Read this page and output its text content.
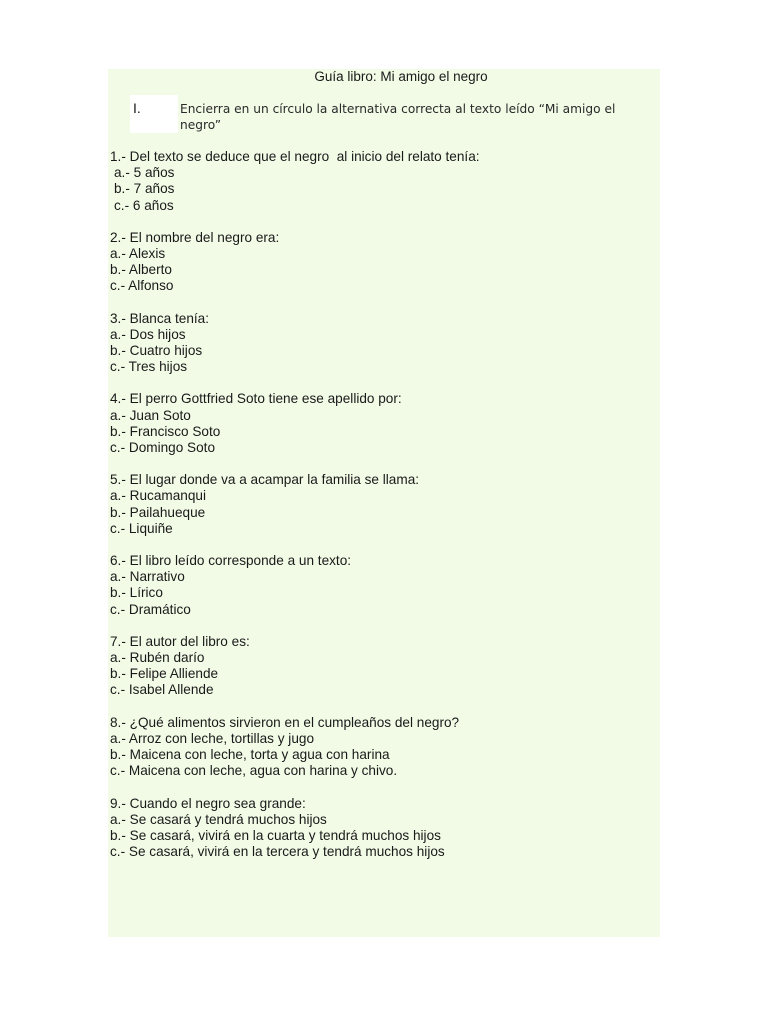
Guía libro: Mi amigo el negro
I.	Encierra en un círculo la alternativa correcta al texto leído “Mi amigo el negro”
1.- Del texto se deduce que el negro  al inicio del relato tenía:
a.- 5 años
b.- 7 años
c.- 6 años
2.- El nombre del negro era:
a.- Alexis
b.- Alberto
c.- Alfonso
3.- Blanca tenía:
a.- Dos hijos
b.- Cuatro hijos
c.- Tres hijos
4.- El perro Gottfried Soto tiene ese apellido por:
a.- Juan Soto
b.- Francisco Soto
c.- Domingo Soto
5.- El lugar donde va a acampar la familia se llama:
a.- Rucamanqui
b.- Pailahueque
c.- Liquiñe
6.- El libro leído corresponde a un texto:
a.- Narrativo
b.- Lírico
c.- Dramático
7.- El autor del libro es:
a.- Rubén darío
b.- Felipe Alliende
c.- Isabel Allende
8.- ¿Qué alimentos sirvieron en el cumpleaños del negro?
a.- Arroz con leche, tortillas y jugo
b.- Maicena con leche, torta y agua con harina
c.- Maicena con leche, agua con harina y chivo.
9.- Cuando el negro sea grande:
a.- Se casará y tendrá muchos hijos
b.- Se casará, vivirá en la cuarta y tendrá muchos hijos
c.- Se casará, vivirá en la tercera y tendrá muchos hijos
